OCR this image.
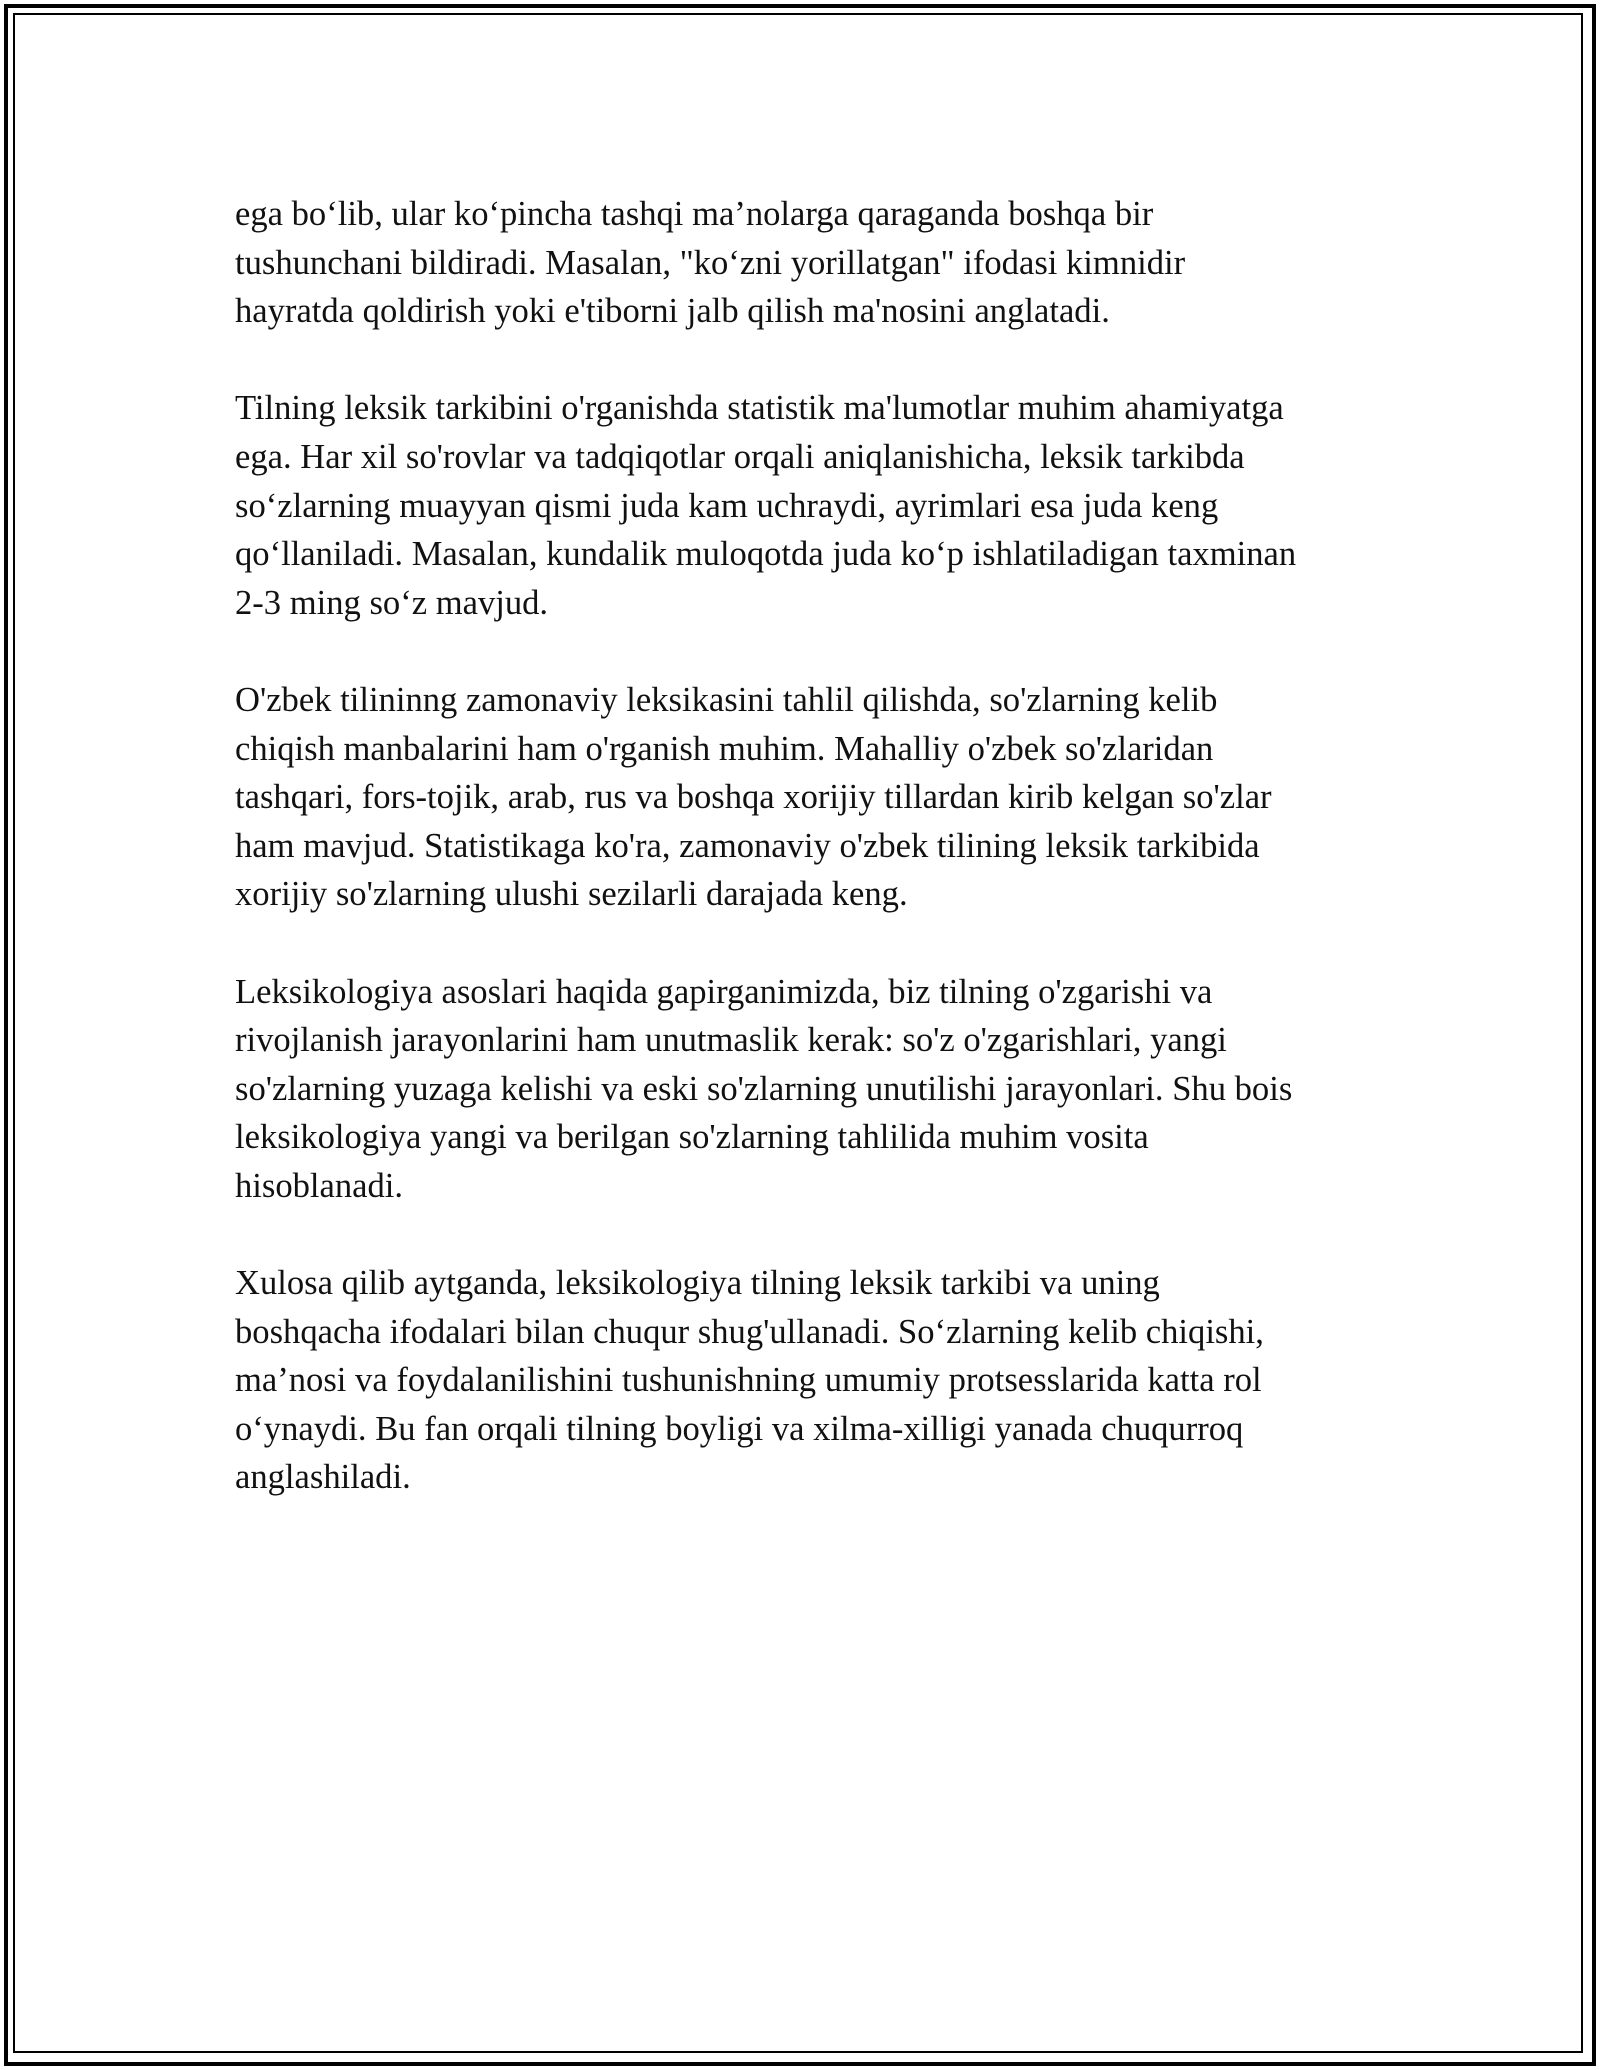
ega bo‘lib, ular ko‘pincha tashqi ma’nolarga qaraganda boshqa bir
tushunchani bildiradi. Masalan, "ko‘zni yorillatgan" ifodasi kimnidir
hayratda qoldirish yoki e'tiborni jalb qilish ma'nosini anglatadi.

Tilning leksik tarkibini o'rganishda statistik ma'lumotlar muhim ahamiyatga
ega. Har xil so'rovlar va tadqiqotlar orqali aniqlanishicha, leksik tarkibda
so‘zlarning muayyan qismi juda kam uchraydi, ayrimlari esa juda keng
qo‘llaniladi. Masalan, kundalik muloqotda juda ko‘p ishlatiladigan taxminan
2-3 ming so‘z mavjud.

O'zbek tilininng zamonaviy leksikasini tahlil qilishda, so'zlarning kelib
chiqish manbalarini ham o'rganish muhim. Mahalliy o'zbek so'zlaridan
tashqari, fors-tojik, arab, rus va boshqa xorijiy tillardan kirib kelgan so'zlar
ham mavjud. Statistikaga ko'ra, zamonaviy o'zbek tilining leksik tarkibida
xorijiy so'zlarning ulushi sezilarli darajada keng.

Leksikologiya asoslari haqida gapirganimizda, biz tilning o'zgarishi va
rivojlanish jarayonlarini ham unutmaslik kerak: so'z o'zgarishlari, yangi
so'zlarning yuzaga kelishi va eski so'zlarning unutilishi jarayonlari. Shu bois
leksikologiya yangi va berilgan so'zlarning tahlilida muhim vosita
hisoblanadi.

Xulosa qilib aytganda, leksikologiya tilning leksik tarkibi va uning
boshqacha ifodalari bilan chuqur shug'ullanadi. So‘zlarning kelib chiqishi,
ma’nosi va foydalanilishini tushunishning umumiy protsesslarida katta rol
o‘ynaydi. Bu fan orqali tilning boyligi va xilma-xilligi yanada chuqurroq
anglashiladi.
